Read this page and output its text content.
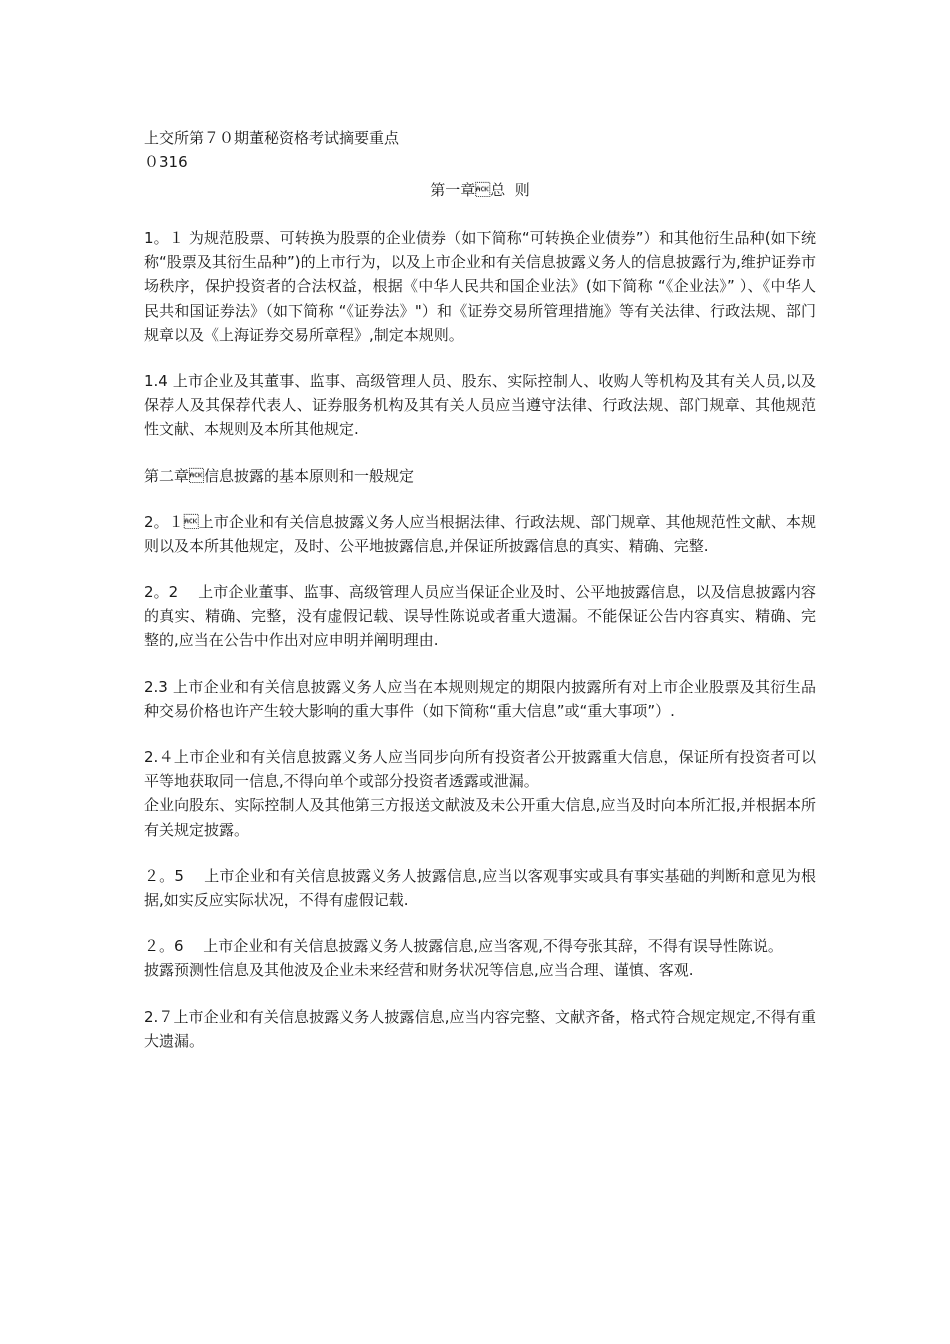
上交所第７０期董秘资格考试摘要重点

０316

第一章总  则

1。１ 为规范股票、可转换为股票的企业债券（如下简称“可转换企业债券”）和其他衍生品种(如下统称“股票及其衍生品种”)的上市行为，以及上市企业和有关信息披露义务人的信息披露行为,维护证券市场秩序，保护投资者的合法权益，根据《中华人民共和国企业法》(如下简称 “《企业法》” ）、《中华人民共和国证券法》（如下简称 “《证券法》"）和《证券交易所管理措施》等有关法律、行政法规、部门规章以及《上海证券交易所章程》,制定本规则。

1.4 上市企业及其董事、监事、高级管理人员、股东、实际控制人、收购人等机构及其有关人员,以及保荐人及其保荐代表人、证券服务机构及其有关人员应当遵守法律、行政法规、部门规章、其他规范性文献、本规则及本所其他规定.

第二章信息披露的基本原则和一般规定

2。１上市企业和有关信息披露义务人应当根据法律、行政法规、部门规章、其他规范性文献、本规则以及本所其他规定，及时、公平地披露信息,并保证所披露信息的真实、精确、完整.

2。2　 上市企业董事、监事、高级管理人员应当保证企业及时、公平地披露信息，以及信息披露内容的真实、精确、完整，没有虚假记载、误导性陈说或者重大遗漏。不能保证公告内容真实、精确、完整的,应当在公告中作出对应申明并阐明理由.

2.3 上市企业和有关信息披露义务人应当在本规则规定的期限内披露所有对上市企业股票及其衍生品种交易价格也许产生较大影响的重大事件（如下简称“重大信息”或“重大事项”）.

2.４上市企业和有关信息披露义务人应当同步向所有投资者公开披露重大信息，保证所有投资者可以平等地获取同一信息,不得向单个或部分投资者透露或泄漏。

企业向股东、实际控制人及其他第三方报送文献波及未公开重大信息,应当及时向本所汇报,并根据本所有关规定披露。

２。5　 上市企业和有关信息披露义务人披露信息,应当以客观事实或具有事实基础的判断和意见为根据,如实反应实际状况，不得有虚假记载.

２。6　 上市企业和有关信息披露义务人披露信息,应当客观,不得夸张其辞，不得有误导性陈说。

披露预测性信息及其他波及企业未来经营和财务状况等信息,应当合理、谨慎、客观.

2.７上市企业和有关信息披露义务人披露信息,应当内容完整、文献齐备，格式符合规定规定,不得有重大遗漏。
